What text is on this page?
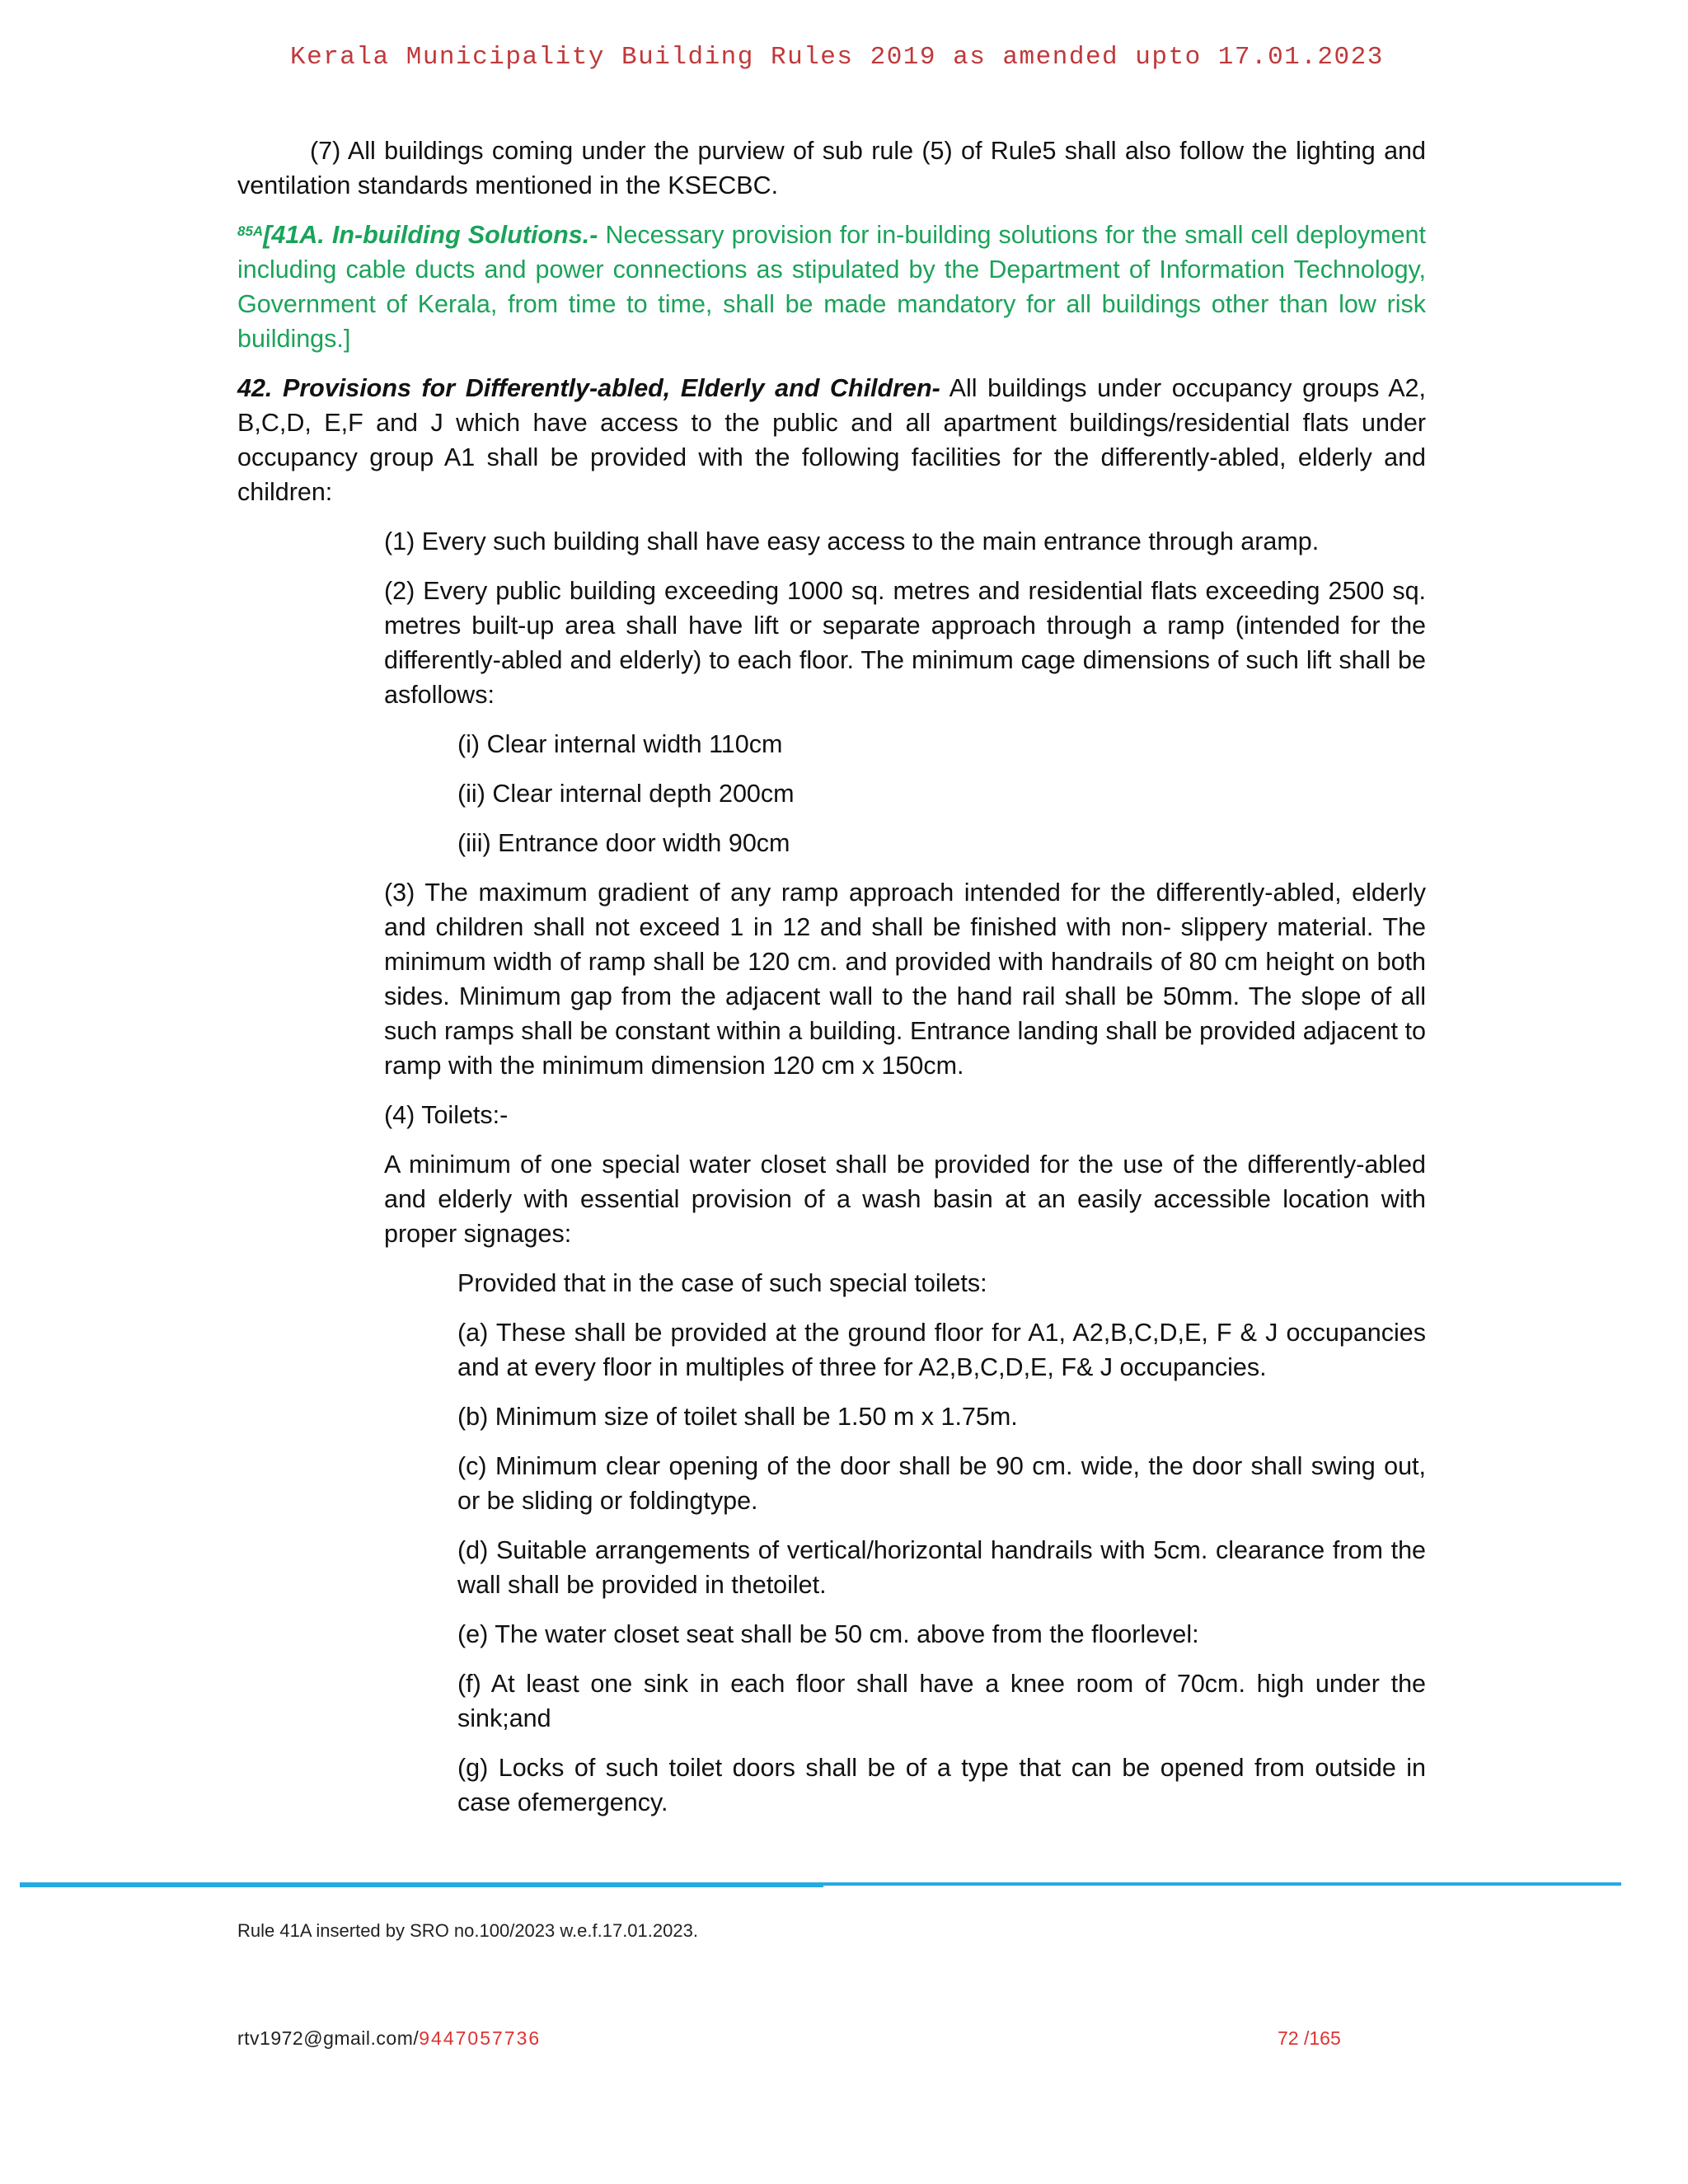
Kerala Municipality Building Rules 2019 as amended upto 17.01.2023

(7) All buildings coming under the purview of sub rule (5) of Rule5 shall also follow the lighting and ventilation standards mentioned in the KSECBC.

$^{85A}$[41A. In-building Solutions.- Necessary provision for in-building solutions for the small cell deployment including cable ducts and power connections as stipulated by the Department of Information Technology, Government of Kerala, from time to time, shall be made mandatory for all buildings other than low risk buildings.]

42. Provisions for Differently-abled, Elderly and Children- All buildings under occupancy groups A2, B,C,D, E,F and J which have access to the public and all apartment buildings/residential flats under occupancy group A1 shall be provided with the following facilities for the differently-abled, elderly and children:

(1) Every such building shall have easy access to the main entrance through aramp.

(2) Every public building exceeding 1000 sq. metres and residential flats exceeding 2500 sq. metres built-up area shall have lift or separate approach through a ramp (intended for the differently-abled and elderly) to each floor. The minimum cage dimensions of such lift shall be asfollows:

(i) Clear internal width 110cm

(ii) Clear internal depth 200cm

(iii) Entrance door width 90cm

(3) The maximum gradient of any ramp approach intended for the differently-abled, elderly and children shall not exceed 1 in 12 and shall be finished with non- slippery material. The minimum width of ramp shall be 120 cm. and provided with handrails of 80 cm height on both sides. Minimum gap from the adjacent wall to the hand rail shall be 50mm. The slope of all such ramps shall be constant within a building. Entrance landing shall be provided adjacent to ramp with the minimum dimension 120 cm x 150cm.

(4) Toilets:-

A minimum of one special water closet shall be provided for the use of the differently-abled and elderly with essential provision of a wash basin at an easily accessible location with proper signages:

Provided that in the case of such special toilets:

(a) These shall be provided at the ground floor for A1, A2,B,C,D,E, F & J occupancies and at every floor in multiples of three for A2,B,C,D,E, F& J occupancies.

(b) Minimum size of toilet shall be 1.50 m x 1.75m.

(c) Minimum clear opening of the door shall be 90 cm. wide, the door shall swing out, or be sliding or foldingtype.

(d) Suitable arrangements of vertical/horizontal handrails with 5cm. clearance from the wall shall be provided in thetoilet.

(e) The water closet seat shall be 50 cm. above from the floorlevel:

(f) At least one sink in each floor shall have a knee room of 70cm. high under the sink;and

(g) Locks of such toilet doors shall be of a type that can be opened from outside in case ofemergency.

Rule 41A inserted by SRO no.100/2023 w.e.f.17.01.2023.
rtv1972@gmail.com/9447057736	72 /165
